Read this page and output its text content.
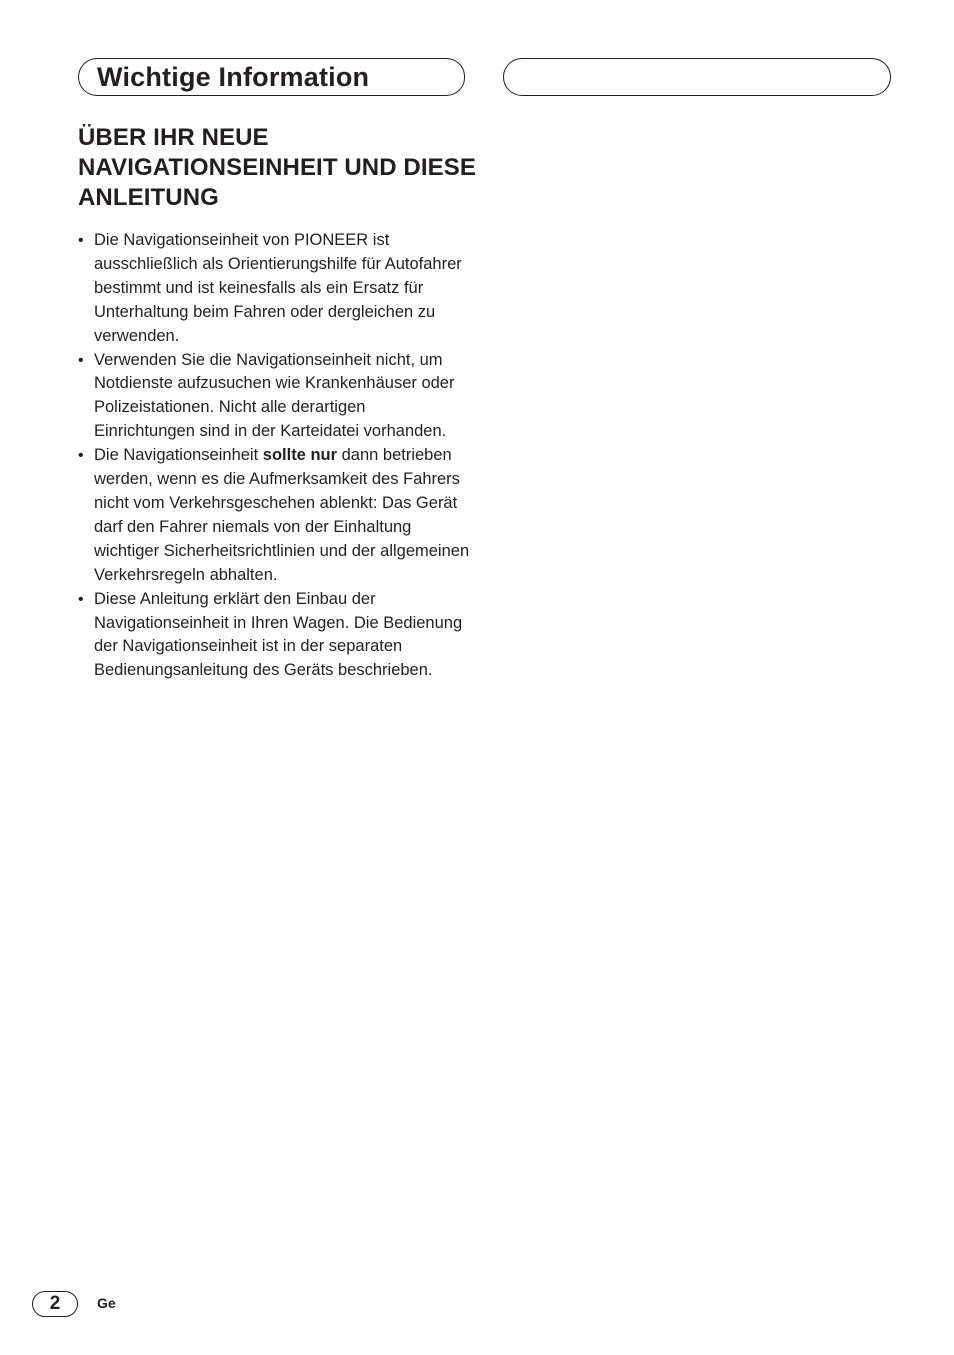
Wichtige Information
ÜBER IHR NEUE NAVIGATIONSEINHEIT UND DIESE ANLEITUNG
• Die Navigationseinheit von PIONEER ist ausschließlich als Orientierungshilfe für Autofahrer bestimmt und ist keinesfalls als ein Ersatz für Unterhaltung beim Fahren oder dergleichen zu verwenden.
• Verwenden Sie die Navigationseinheit nicht, um Notdienste aufzusuchen wie Krankenhäuser oder Polizeistationen. Nicht alle derartigen Einrichtungen sind in der Karteidatei vorhanden.
• Die Navigationseinheit sollte nur dann betrieben werden, wenn es die Aufmerksamkeit des Fahrers nicht vom Verkehrsgeschehen ablenkt: Das Gerät darf den Fahrer niemals von der Einhaltung wichtiger Sicherheitsrichtlinien und der allgemeinen Verkehrsregeln abhalten.
• Diese Anleitung erklärt den Einbau der Navigationseinheit in Ihren Wagen. Die Bedienung der Navigationseinheit ist in der separaten Bedienungsanleitung des Geräts beschrieben.
2	Ge
